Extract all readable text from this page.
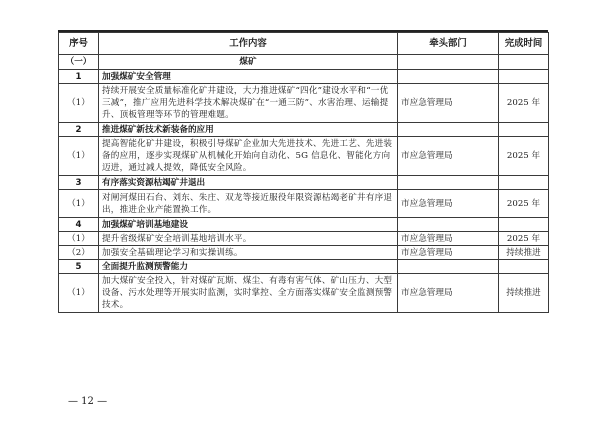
序号	工作内容	牵头部门	完成时间
（一）	煤矿		
1	加强煤矿安全管理		
（1）	持续开展安全质量标准化矿井建设，大力推进煤矿“四化”建设水平和“一优三减”，推广应用先进科学技术解决煤矿在“一通三防”、水害治理、运输提升、顶板管理等环节的管理难题。	市应急管理局	2025 年
2	推进煤矿新技术新装备的应用		
（1）	提高智能化矿井建设，积极引导煤矿企业加大先进技术、先进工艺、先进装备的应用，逐步实现煤矿从机械化开始向自动化、5G 信息化、智能化方向迈进，通过减人提效，降低安全风险。	市应急管理局	2025 年
3	有序落实资源枯竭矿井退出		
（1）	对闸河煤田石台、刘东、朱庄、双龙等接近服役年限资源枯竭老矿井有序退出，推进企业产能置换工作。	市应急管理局	2025 年
4	加强煤矿培训基地建设		
（1）	提升省级煤矿安全培训基地培训水平。	市应急管理局	2025 年
（2）	加强安全基础理论学习和实操训练。	市应急管理局	持续推进
5	全面提升监测预警能力		
（1）	加大煤矿安全投入，针对煤矿瓦斯、煤尘、有毒有害气体、矿山压力、大型设备、污水处理等开展实时监测，实时掌控、全方面落实煤矿安全监测预警技术。	市应急管理局	持续推进
— 12 —
